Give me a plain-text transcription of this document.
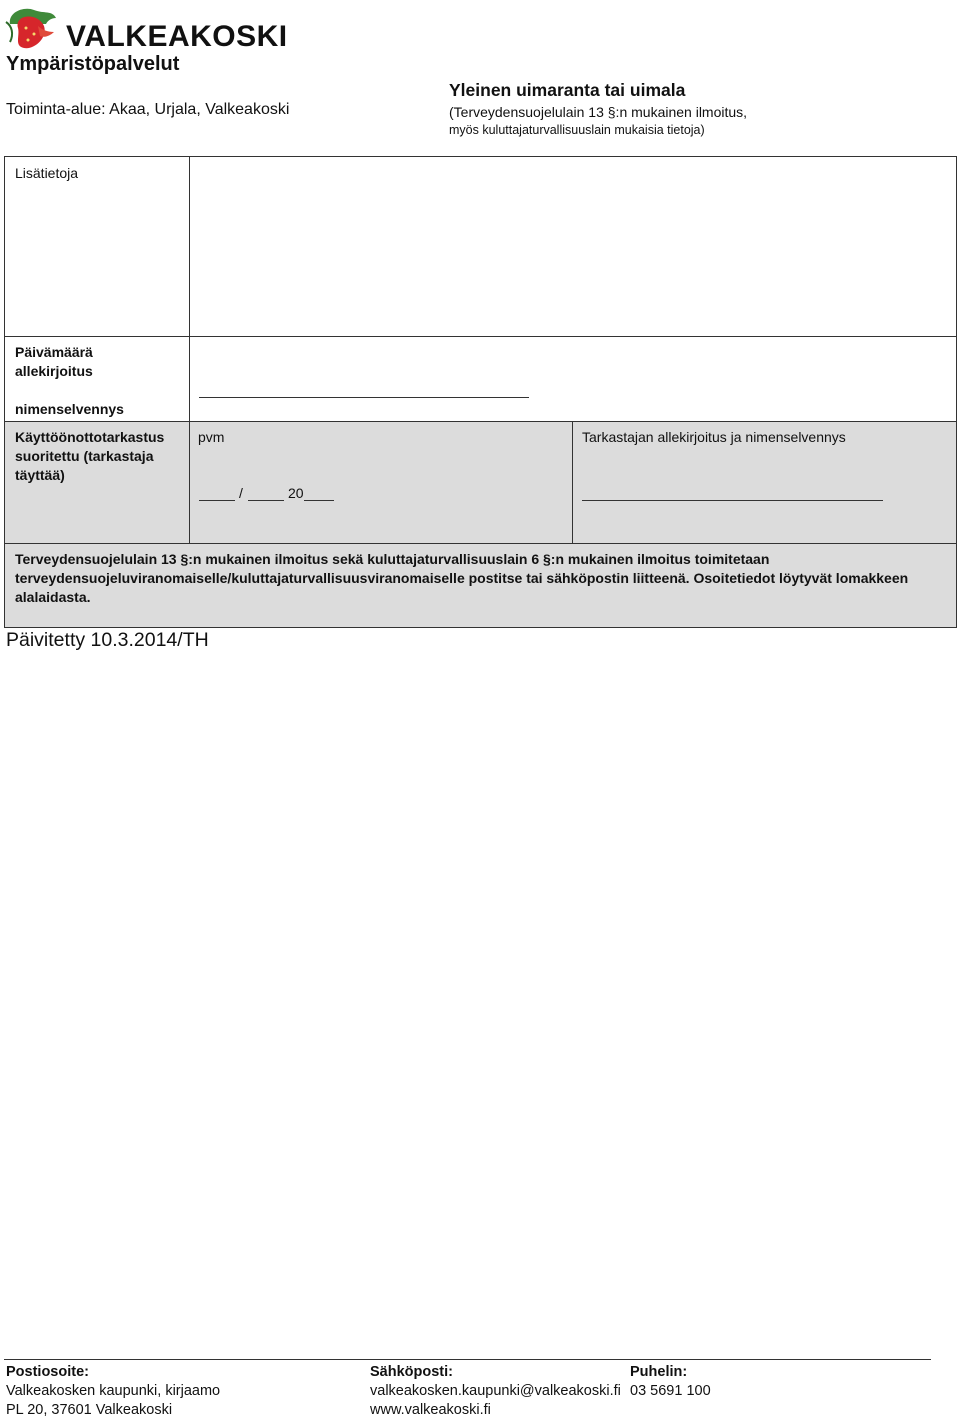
VALKEAKOSKI
Ympäristöpalvelut
Toiminta-alue: Akaa, Urjala, Valkeakoski
Yleinen uimaranta tai uimala
(Terveydensuojelulain 13 §:n mukainen ilmoitus,
myös kuluttajaturvallisuuslain mukaisia tietoja)
Lisätietoja
Päivämäärä
allekirjoitus
nimenselvennys
Käyttöönottotarkastus
suoritettu (tarkastaja
täyttää)
pvm
/	20
Tarkastajan allekirjoitus ja nimenselvennys
Terveydensuojelulain 13 §:n mukainen ilmoitus sekä kuluttajaturvallisuuslain 6 §:n mukainen ilmoitus toimitetaan
terveydensuojeluviranomaiselle/kuluttajaturvallisuusviranomaiselle postitse tai sähköpostin liitteenä. Osoitetiedot löytyvät lomakkeen
alalaidasta.
Päivitetty 10.3.2014/TH
Postiosoite:
Valkeakosken kaupunki, kirjaamo
PL 20, 37601 Valkeakoski
Sähköposti:
valkeakosken.kaupunki@valkeakoski.fi
www.valkeakoski.fi
Puhelin:
03 5691 100
